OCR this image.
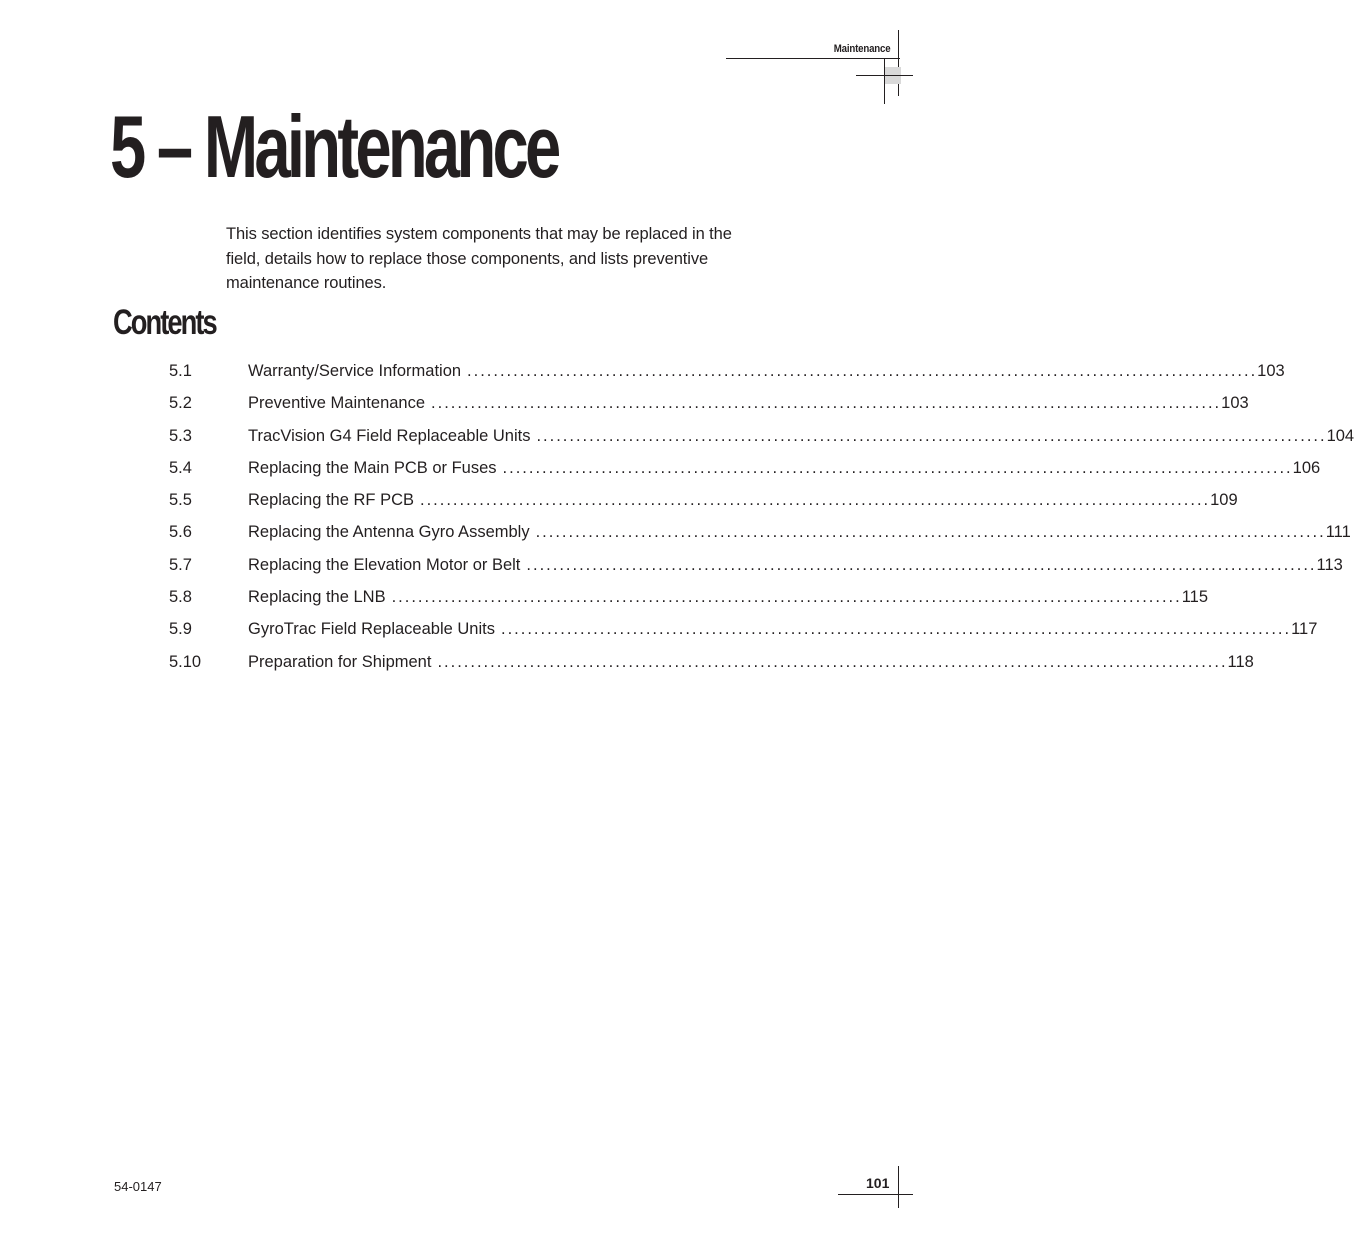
Maintenance
5 – Maintenance
This section identifies system components that may be replaced in the field, details how to replace those components, and lists preventive maintenance routines.
Contents
5.1	Warranty/Service Information ........................................................................................................................ 103
5.2	Preventive Maintenance ........................................................................................................................ 103
5.3	TracVision G4 Field Replaceable Units ........................................................................................................................ 104
5.4	Replacing the Main PCB or Fuses ........................................................................................................................ 106
5.5	Replacing the RF PCB ........................................................................................................................ 109
5.6	Replacing the Antenna Gyro Assembly ........................................................................................................................ 111
5.7	Replacing the Elevation Motor or Belt ........................................................................................................................ 113
5.8	Replacing the LNB ........................................................................................................................ 115
5.9	GyroTrac Field Replaceable Units ........................................................................................................................ 117
5.10	Preparation for Shipment ........................................................................................................................ 118
54-0147	101
